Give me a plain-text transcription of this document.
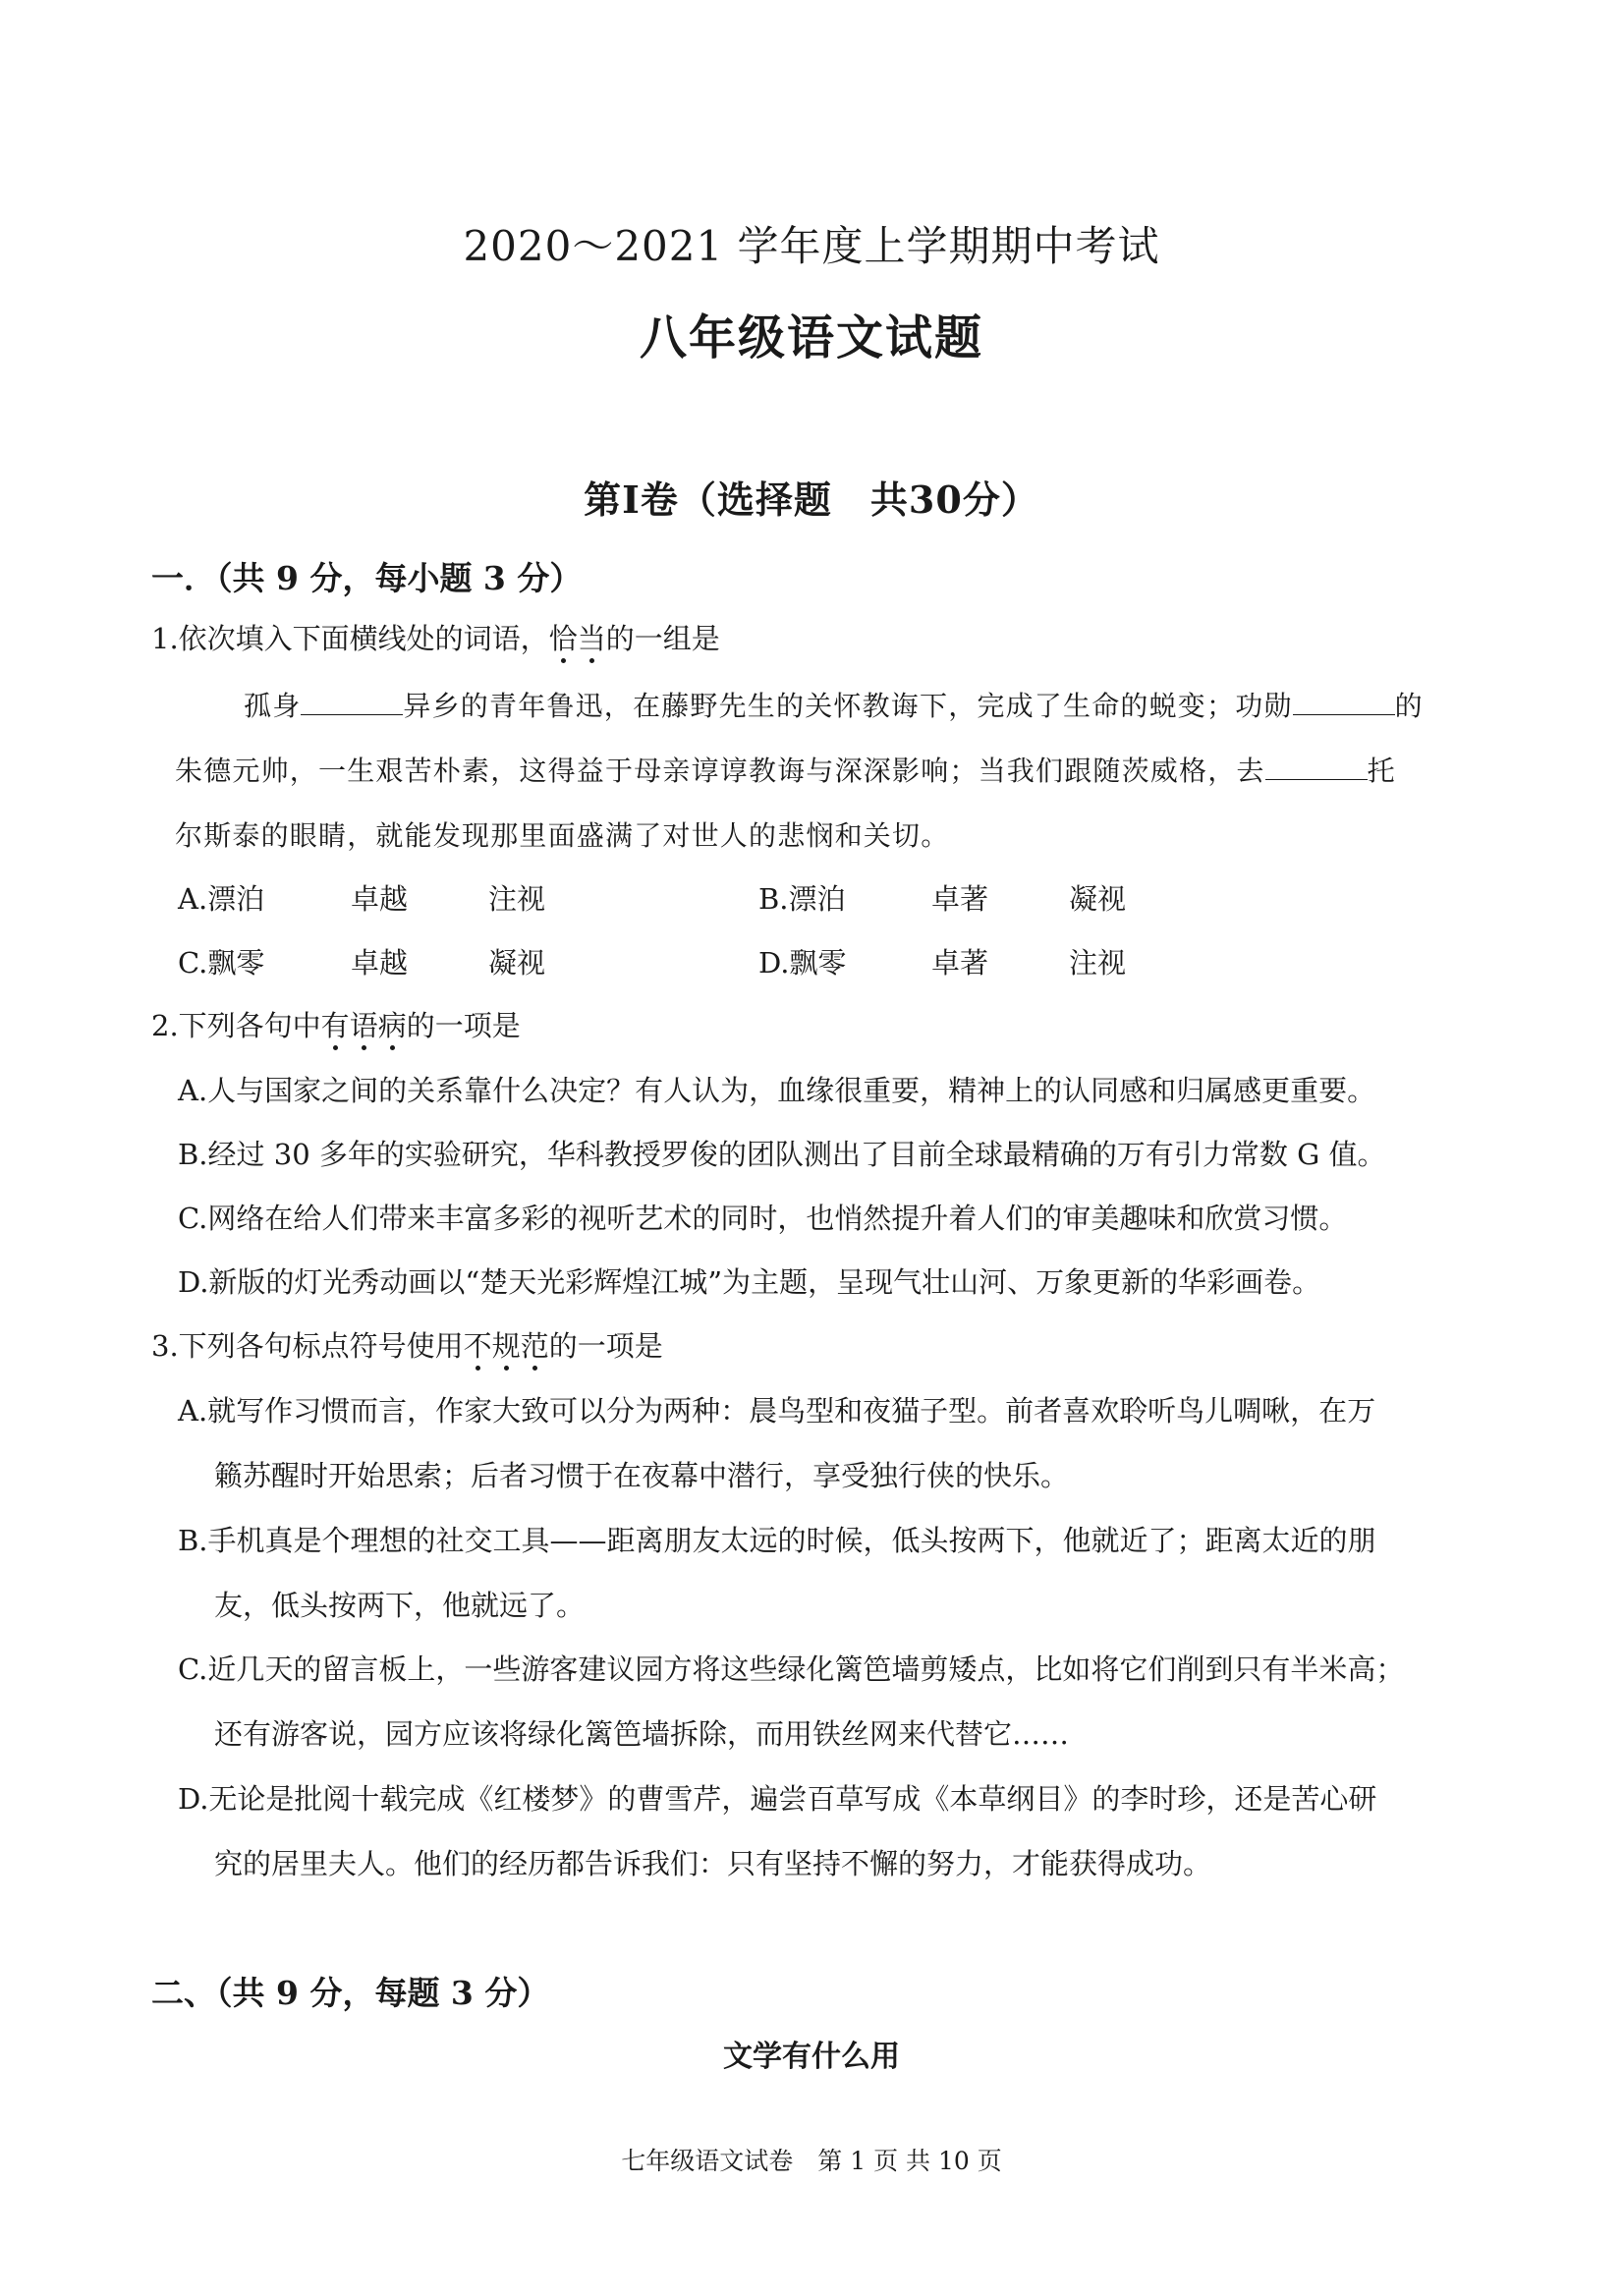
2020～2021 学年度上学期期中考试
八年级语文试题
第Ⅰ卷（选择题　共30分）
一．（共 9 分，每小题 3 分）
1.依次填入下面横线处的词语，恰当的一组是
孤身	异乡的青年鲁迅，在藤野先生的关怀教诲下，完成了生命的蜕变；功勋	的
朱德元帅，一生艰苦朴素，这得益于母亲谆谆教诲与深深影响；当我们跟随茨威格，去	托
尔斯泰的眼睛，就能发现那里面盛满了对世人的悲悯和关切。
A.漂泊	卓越	注视	B.漂泊	卓著	凝视
C.飘零	卓越	凝视	D.飘零	卓著	注视
2.下列各句中有语病的一项是
A.人与国家之间的关系靠什么决定？有人认为，血缘很重要，精神上的认同感和归属感更重要。
B.经过 30 多年的实验研究，华科教授罗俊的团队测出了目前全球最精确的万有引力常数 G 值。
C.网络在给人们带来丰富多彩的视听艺术的同时，也悄然提升着人们的审美趣味和欣赏习惯。
D.新版的灯光秀动画以“楚天光彩辉煌江城”为主题，呈现气壮山河、万象更新的华彩画卷。
3.下列各句标点符号使用不规范的一项是
A.就写作习惯而言，作家大致可以分为两种：晨鸟型和夜猫子型。前者喜欢聆听鸟儿啁啾，在万
籁苏醒时开始思索；后者习惯于在夜幕中潜行，享受独行侠的快乐。
B.手机真是个理想的社交工具——距离朋友太远的时候，低头按两下，他就近了；距离太近的朋
友，低头按两下，他就远了。
C.近几天的留言板上，一些游客建议园方将这些绿化篱笆墙剪矮点，比如将它们削到只有半米高；
还有游客说，园方应该将绿化篱笆墙拆除，而用铁丝网来代替它……
D.无论是批阅十载完成《红楼梦》的曹雪芹，遍尝百草写成《本草纲目》的李时珍，还是苦心研
究的居里夫人。他们的经历都告诉我们：只有坚持不懈的努力，才能获得成功。
二、（共 9 分，每题 3 分）
文学有什么用
七年级语文试卷　第 1 页 共 10 页
